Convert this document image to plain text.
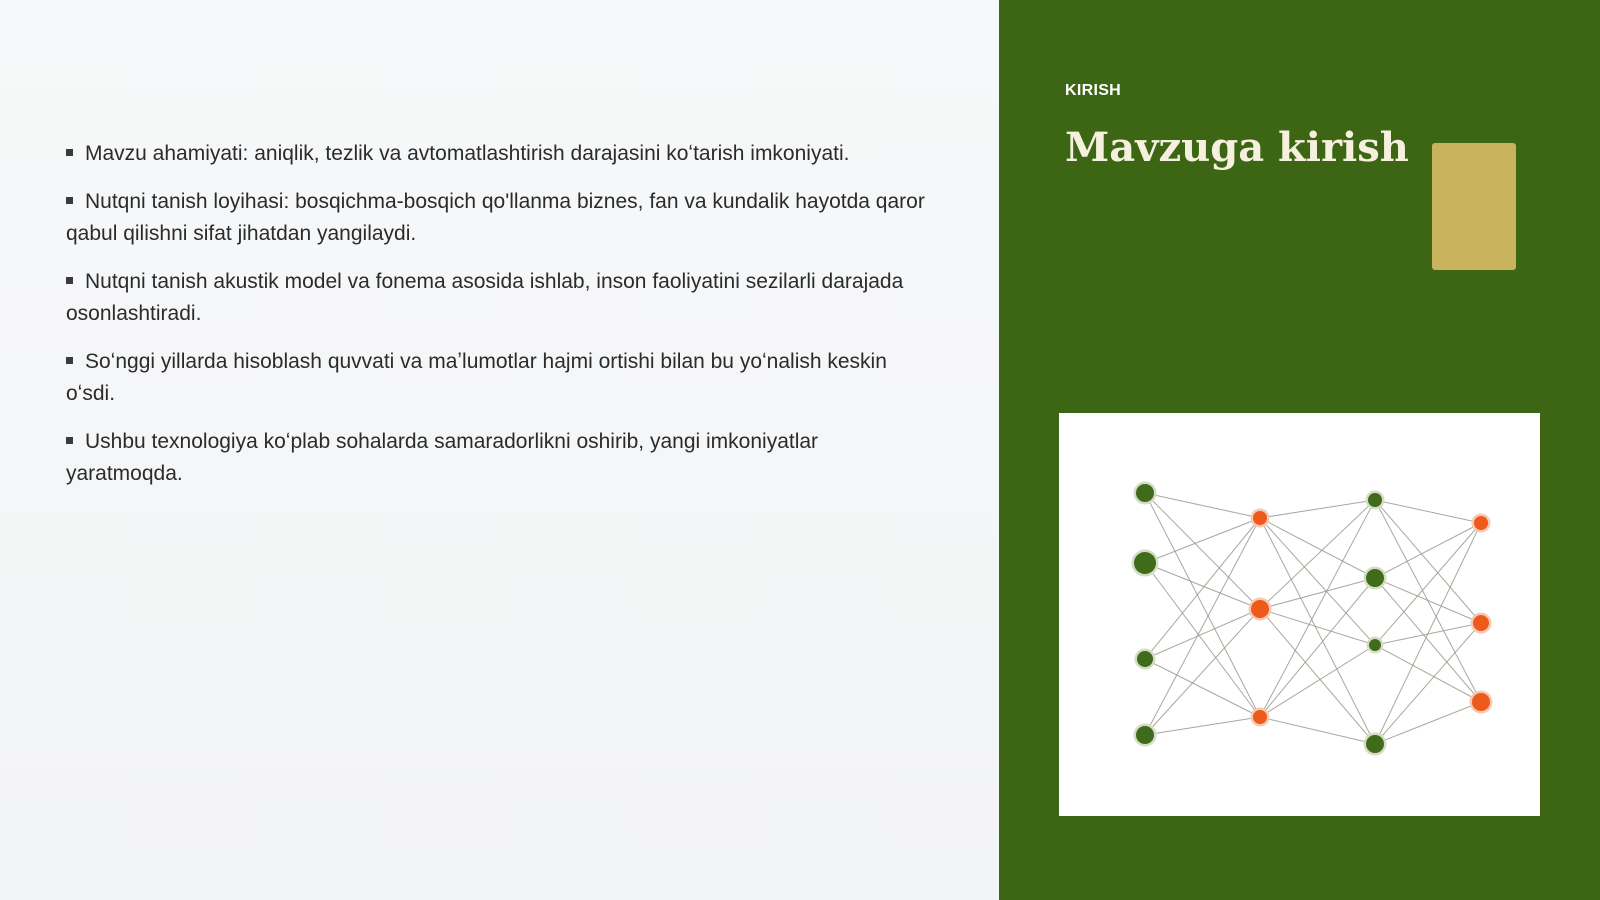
Mavzu ahamiyati: aniqlik, tezlik va avtomatlashtirish darajasini koʻtarish imkoniyati.
Nutqni tanish loyihasi: bosqichma-bosqich qo'llanma biznes, fan va kundalik hayotda qaror qabul qilishni sifat jihatdan yangilaydi.
Nutqni tanish akustik model va fonema asosida ishlab, inson faoliyatini sezilarli darajada osonlashtiradi.
Soʻnggi yillarda hisoblash quvvati va maʼlumotlar hajmi ortishi bilan bu yoʻnalish keskin oʻsdi.
Ushbu texnologiya koʻplab sohalarda samaradorlikni oshirib, yangi imkoniyatlar yaratmoqda.
KIRISH
Mavzuga kirish
